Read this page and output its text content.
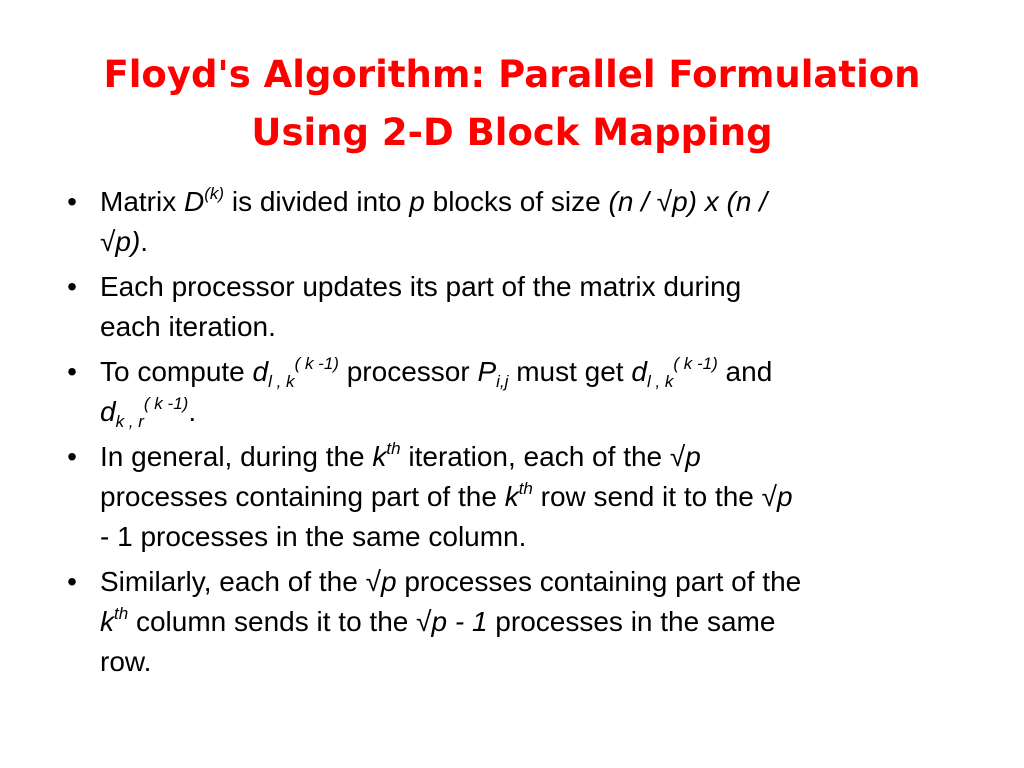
Floyd's Algorithm: Parallel Formulation
Using 2-D Block Mapping
• Matrix $D^{(k)}$ is divided into p blocks of size (n / √p) x (n /
√p).
• Each processor updates its part of the matrix during
each iteration.
• To compute $d_{l , k}^{( k -1)}$ processor $P_{i,j}$ must get $d_{l , k}^{( k -1)}$ and
$d_{k , r}^{( k -1)}$.
• In general, during the $k^{th}$ iteration, each of the √p
processes containing part of the $k^{th}$ row send it to the √p
- 1 processes in the same column.
• Similarly, each of the √p processes containing part of the
$k^{th}$ column sends it to the √p - 1 processes in the same
row.
